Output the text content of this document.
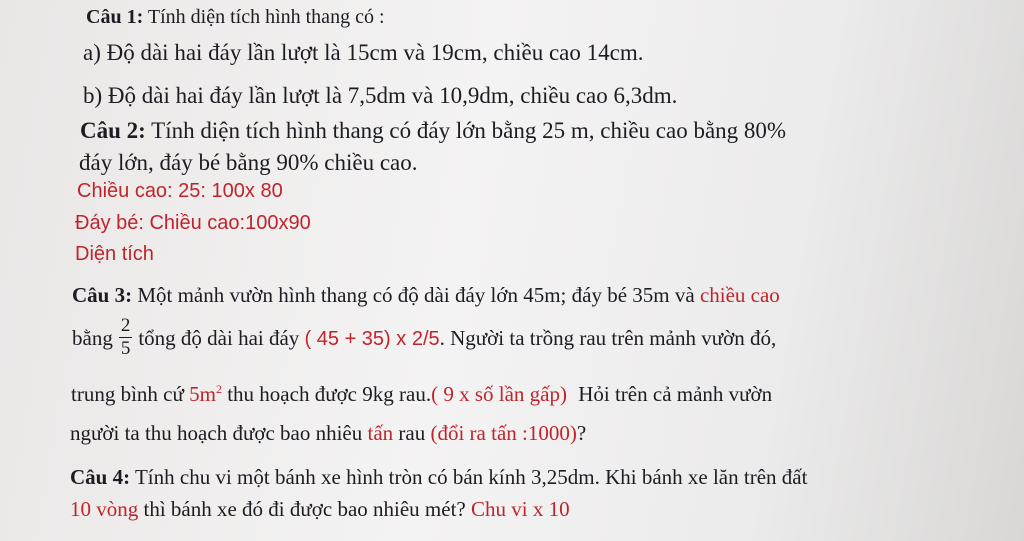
Câu 1: Tính diện tích hình thang có :
a) Độ dài hai đáy lần lượt là 15cm và 19cm, chiều cao 14cm.
b) Độ dài hai đáy lần lượt là 7,5dm và 10,9dm, chiều cao 6,3dm.
Câu 2: Tính diện tích hình thang có đáy lớn bằng 25 m, chiều cao bằng 80%
đáy lớn, đáy bé bằng 90% chiều cao.
Chiều cao: 25: 100x 80
Đáy bé: Chiều cao:100x90
Diện tích
Câu 3: Một mảnh vườn hình thang có độ dài đáy lớn 45m; đáy bé 35m và chiều cao
bằng $\frac{2}{5}$ tổng độ dài hai đáy ( 45 + 35) x 2/5. Người ta trồng rau trên mảnh vườn đó,
trung bình cứ $5m^2$ thu hoạch được 9kg rau.( 9 x số lần gấp) Hỏi trên cả mảnh vườn
người ta thu hoạch được bao nhiêu tấn rau (đổi ra tấn :1000)?
Câu 4: Tính chu vi một bánh xe hình tròn có bán kính 3,25dm. Khi bánh xe lăn trên đất
10 vòng thì bánh xe đó đi được bao nhiêu mét? Chu vi x 10
